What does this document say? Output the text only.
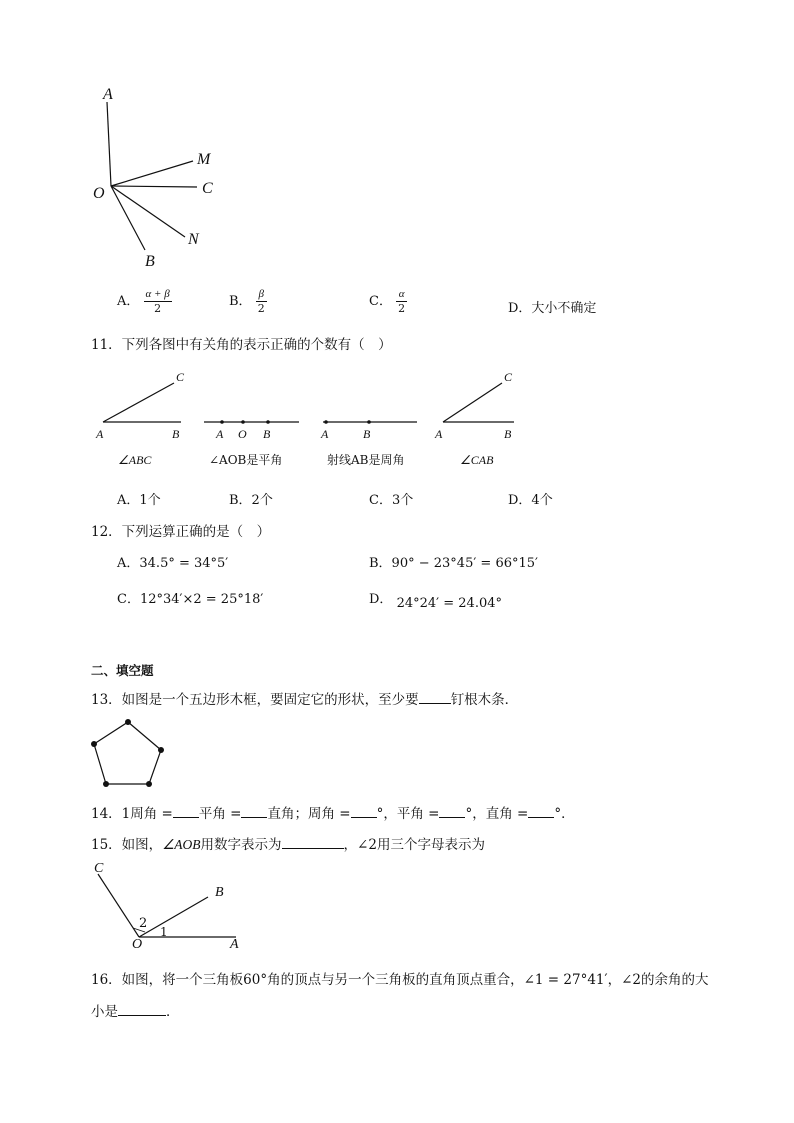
A
M
O	C
N
B
A． $\frac{\alpha + \beta}{2}$	B． $\frac{\beta}{2}$	C． $\frac{\alpha}{2}$	D．大小不确定
11．下列各图中有关角的表示正确的个数有（　）
C
A	B
∠ABC
A O B
∠AOB是平角
A	B
射线AB是周角
C
A	B
∠CAB
A．1个	B．2个	C．3个	D．4个
12．下列运算正确的是（　）
A．34.5° = 34°5′	B．90° − 23°45′ = 66°15′
C．12°34′×2 = 25°18′	D． 24°24′ = 24.04°
二、填空题
13．如图是一个五边形木框，要固定它的形状，至少要 钉根木条．
14．1周角 = 平角 = 直角；周角 = °，平角 = °，直角 = °．
15．如图，∠AOB用数字表示为	，∠2用三个字母表示为
C
B
2
1
O	A
16．如图，将一个三角板60°角的顶点与另一个三角板的直角顶点重合，∠1 = 27°41′，∠2的余角的大
小是	．
